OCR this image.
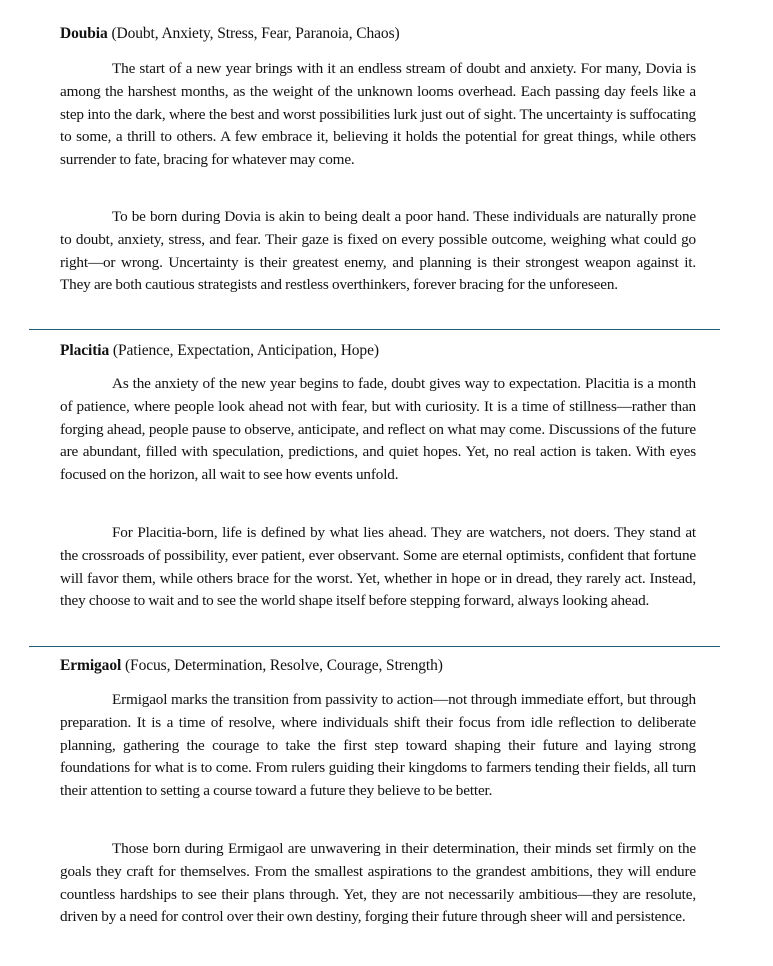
Doubia (Doubt, Anxiety, Stress, Fear, Paranoia, Chaos)

The start of a new year brings with it an endless stream of doubt and anxiety. For many, Dovia is among the harshest months, as the weight of the unknown looms overhead. Each passing day feels like a step into the dark, where the best and worst possibilities lurk just out of sight. The uncertainty is suffocating to some, a thrill to others. A few embrace it, believing it holds the potential for great things, while others surrender to fate, bracing for whatever may come.

To be born during Dovia is akin to being dealt a poor hand. These individuals are naturally prone to doubt, anxiety, stress, and fear. Their gaze is fixed on every possible outcome, weighing what could go right—or wrong. Uncertainty is their greatest enemy, and planning is their strongest weapon against it. They are both cautious strategists and restless overthinkers, forever bracing for the unforeseen.

Placitia (Patience, Expectation, Anticipation, Hope)

As the anxiety of the new year begins to fade, doubt gives way to expectation. Placitia is a month of patience, where people look ahead not with fear, but with curiosity. It is a time of stillness—rather than forging ahead, people pause to observe, anticipate, and reflect on what may come. Discussions of the future are abundant, filled with speculation, predictions, and quiet hopes. Yet, no real action is taken. With eyes focused on the horizon, all wait to see how events unfold.

For Placitia-born, life is defined by what lies ahead. They are watchers, not doers. They stand at the crossroads of possibility, ever patient, ever observant. Some are eternal optimists, confident that fortune will favor them, while others brace for the worst. Yet, whether in hope or in dread, they rarely act. Instead, they choose to wait and to see the world shape itself before stepping forward, always looking ahead.

Ermigaol (Focus, Determination, Resolve, Courage, Strength)

Ermigaol marks the transition from passivity to action—not through immediate effort, but through preparation. It is a time of resolve, where individuals shift their focus from idle reflection to deliberate planning, gathering the courage to take the first step toward shaping their future and laying strong foundations for what is to come. From rulers guiding their kingdoms to farmers tending their fields, all turn their attention to setting a course toward a future they believe to be better.

Those born during Ermigaol are unwavering in their determination, their minds set firmly on the goals they craft for themselves. From the smallest aspirations to the grandest ambitions, they will endure countless hardships to see their plans through. Yet, they are not necessarily ambitious—they are resolute, driven by a need for control over their own destiny, forging their future through sheer will and persistence.
